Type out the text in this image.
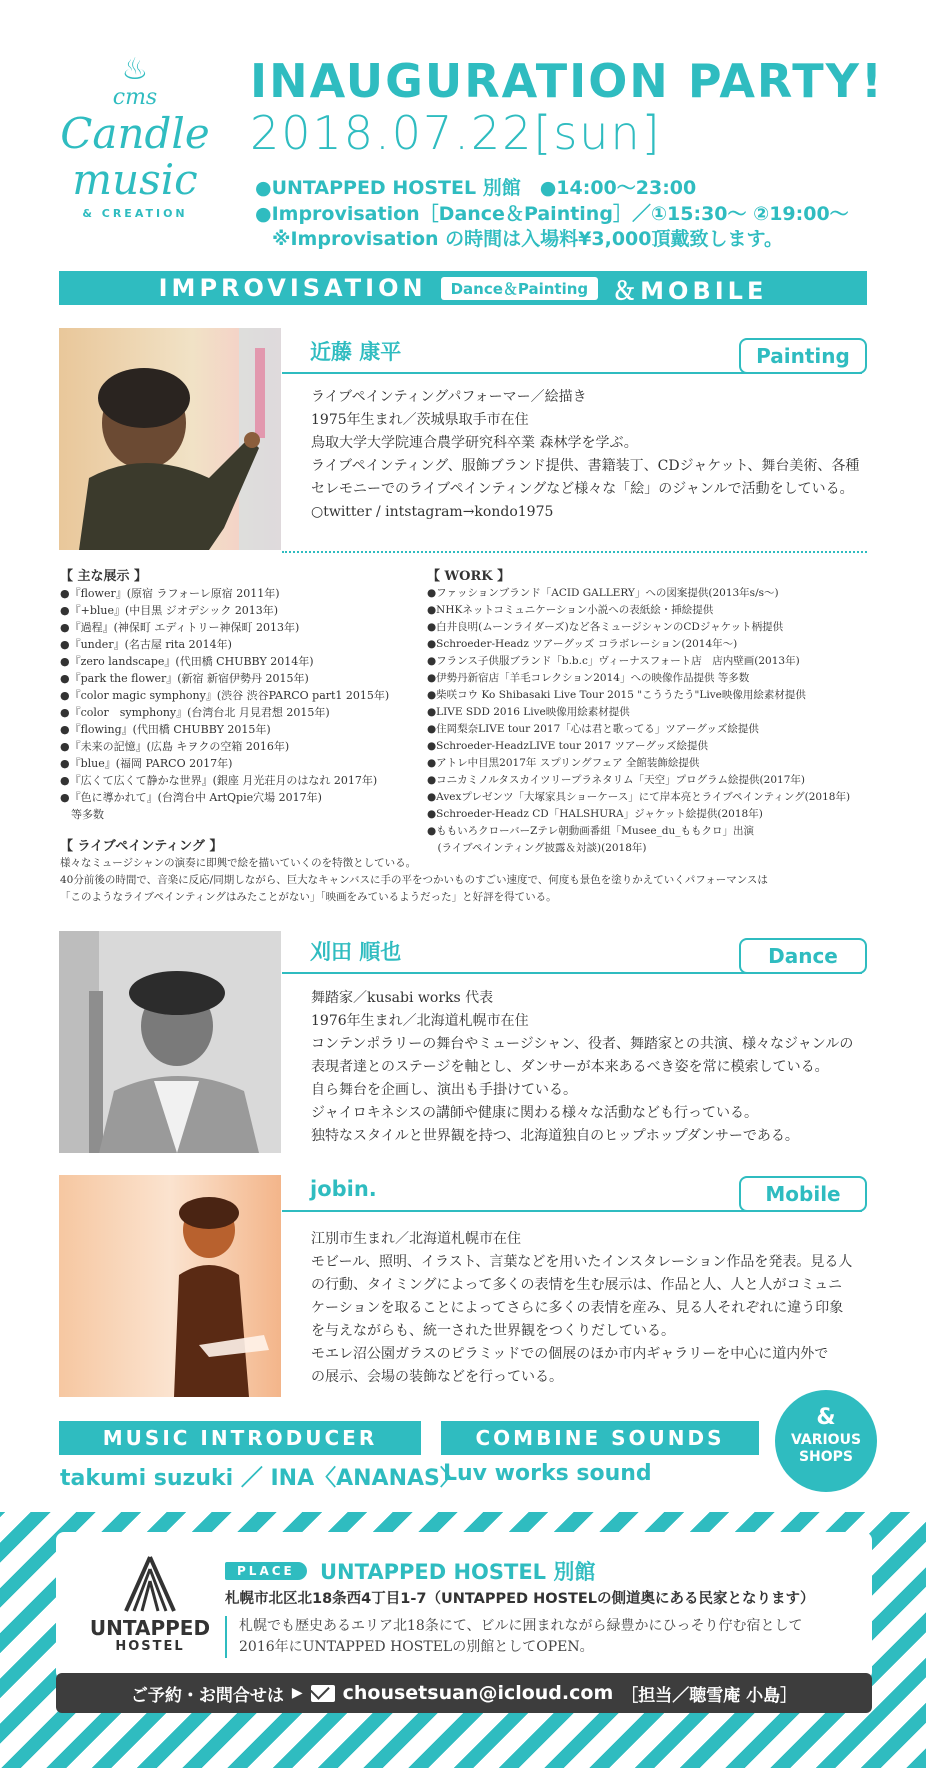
♨
cms
Candle
music
& CREATION
INAUGURATION PARTY!
2018.07.22[sun]
●UNTAPPED HOSTEL 別館　●14:00〜23:00
●Improvisation［Dance＆Painting］／①15:30〜 ②19:00〜
※Improvisation の時間は入場料¥3,000頂戴致します。
IMPROVISATION	Dance＆Painting	＆MOBILE
近藤 康平	Painting
ライブペインティングパフォーマー／絵描き
1975年生まれ／茨城県取手市在住
鳥取大学大学院連合農学研究科卒業 森林学を学ぶ。
ライブペインティング、服飾ブランド提供、書籍装丁、CDジャケット、舞台美術、各種
セレモニーでのライブペインティングなど様々な「絵」のジャンルで活動をしている。
○twitter / intstagram→kondo1975
【 主な展示 】
●『flower』(原宿 ラフォーレ原宿 2011年)
●『+blue』(中目黒 ジオデシック 2013年)
●『過程』(神保町 エディトリー神保町 2013年)
●『under』(名古屋 rita 2014年)
●『zero landscape』(代田橋 CHUBBY 2014年)
●『park the flower』(新宿 新宿伊勢丹 2015年)
●『color magic symphony』(渋谷 渋谷PARCO part1 2015年)
●『color　symphony』(台湾台北 月見君想 2015年)
●『flowing』(代田橋 CHUBBY 2015年)
●『未来の記憶』(広島 キヲクの空箱 2016年)
●『blue』(福岡 PARCO 2017年)
●『広くて広くて静かな世界』(銀座 月光荘月のはなれ 2017年)
●『色に導かれて』(台湾台中 ArtQpie穴場 2017年)
　等多数
【 WORK 】
●ファッションブランド「ACID GALLERY」への図案提供(2013年s/s〜)
●NHKネットコミュニケーション小説への表紙絵・挿絵提供
●白井良明(ムーンライダーズ)など各ミュージシャンのCDジャケット柄提供
●Schroeder-Headz ツアーグッズ コラボレーション(2014年〜)
●フランス子供服ブランド「b.b.c」ヴィーナスフォート店　店内壁画(2013年)
●伊勢丹新宿店「羊毛コレクション2014」への映像作品提供 等多数
●柴咲コウ Ko Shibasaki Live Tour 2015 "こううたう"Live映像用絵素材提供
●LIVE SDD 2016 Live映像用絵素材提供
●住岡梨奈LIVE tour 2017「心は君と歌ってる」ツアーグッズ絵提供
●Schroeder-HeadzLIVE tour 2017 ツアーグッズ絵提供
●アトレ中目黒2017年 スプリングフェア 全館装飾絵提供
●コニカミノルタスカイツリープラネタリム「天空」プログラム絵提供(2017年)
●Avexプレゼンツ「大塚家具ショーケース」にて岸本亮とライブペインティング(2018年)
●Schroeder-Headz CD「HALSHURA」ジャケット絵提供(2018年)
●ももいろクローバーZテレ朝動画番組「Musee_du_ももクロ」出演
　(ライブペインティング披露＆対談)(2018年)
【 ライブペインティング 】
様々なミュージシャンの演奏に即興で絵を描いていくのを特徴としている。
40分前後の時間で、音楽に反応/同期しながら、巨大なキャンバスに手の平をつかいものすごい速度で、何度も景色を塗りかえていくパフォーマンスは
「このようなライブペインティングはみたことがない」「映画をみているようだった」と好評を得ている。
刈田 順也	Dance
舞踏家／kusabi works 代表
1976年生まれ／北海道札幌市在住
コンテンポラリーの舞台やミュージシャン、役者、舞踏家との共演、様々なジャンルの
表現者達とのステージを軸とし、ダンサーが本来あるべき姿を常に模索している。
自ら舞台を企画し、演出も手掛けている。
ジャイロキネシスの講師や健康に関わる様々な活動なども行っている。
独特なスタイルと世界観を持つ、北海道独自のヒップホップダンサーである。
jobin.	Mobile
江別市生まれ／北海道札幌市在住
モビール、照明、イラスト、言葉などを用いたインスタレーション作品を発表。見る人
の行動、タイミングによって多くの表情を生む展示は、作品と人、人と人がコミュニ
ケーションを取ることによってさらに多くの表情を産み、見る人それぞれに違う印象
を与えながらも、統一された世界観をつくりだしている。
モエレ沼公園ガラスのピラミッドでの個展のほか市内ギャラリーを中心に道内外で
の展示、会場の装飾などを行っている。
MUSIC INTRODUCER
takumi suzuki ／ INA〈ANANAS〉
COMBINE SOUNDS
Luv works sound
&
VARIOUS
SHOPS
UNTAPPED
HOSTEL
PLACE	UNTAPPED HOSTEL 別館
札幌市北区北18条西4丁目1-7（UNTAPPED HOSTELの側道奥にある民家となります）
札幌でも歴史あるエリア北18条にて、ビルに囲まれながら緑豊かにひっそり佇む宿として
2016年にUNTAPPED HOSTELの別館としてOPEN。
ご予約・お問合せは ▶ chousetsuan@icloud.com ［担当／聴雪庵 小島］
